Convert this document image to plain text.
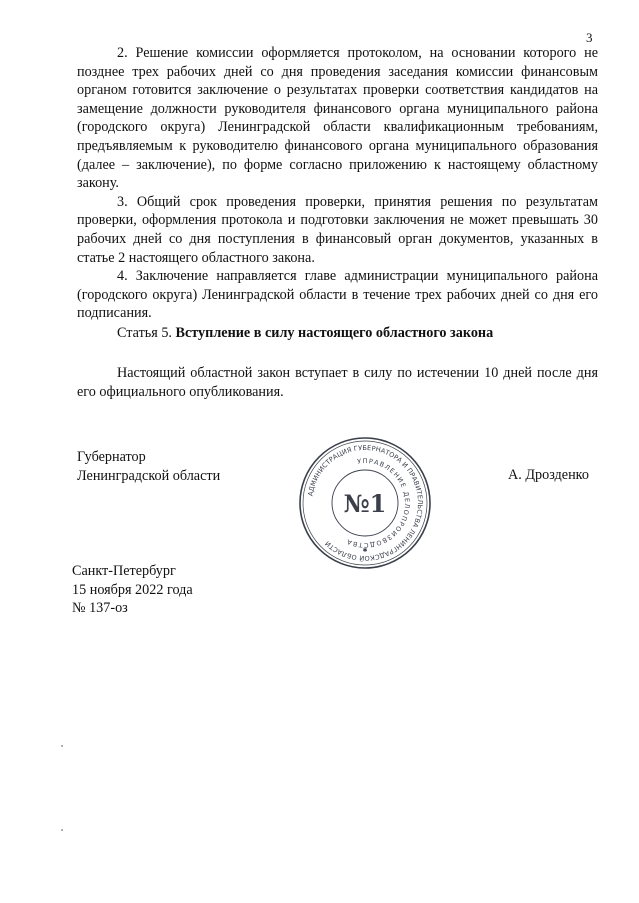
3

2. Решение комиссии оформляется протоколом, на основании которого не позднее трех рабочих дней со дня проведения заседания комиссии финансовым органом готовится заключение о результатах проверки соответствия кандидатов на замещение должности руководителя финансового органа муниципального района (городского округа) Ленинградской области квалификационным требованиям, предъявляемым к руководителю финансового органа муниципального образования (далее – заключение), по форме согласно приложению к настоящему областному закону.

3. Общий срок проведения проверки, принятия решения по результатам проверки, оформления протокола и подготовки заключения не может превышать 30 рабочих дней со дня поступления в финансовый орган документов, указанных в статье 2 настоящего областного закона.

4. Заключение направляется главе администрации муниципального района (городского округа) Ленинградской области в течение трех рабочих дней со дня его подписания.

Статья 5. Вступление в силу настоящего областного закона

Настоящий областной закон вступает в силу по истечении 10 дней после дня его официального опубликования.

Губернатор
Ленинградской области	А. Дрозденко
АДМИНИСТРАЦИЯ ГУБЕРНАТОРА И ПРАВИТЕЛЬСТВА ЛЕНИНГРАДСКОЙ ОБЛАСТИ
УПРАВЛЕНИЕ ДЕЛОПРОИЗВОДСТВА
№1
✱
Санкт-Петербург
15 ноября 2022 года
№ 137-оз
